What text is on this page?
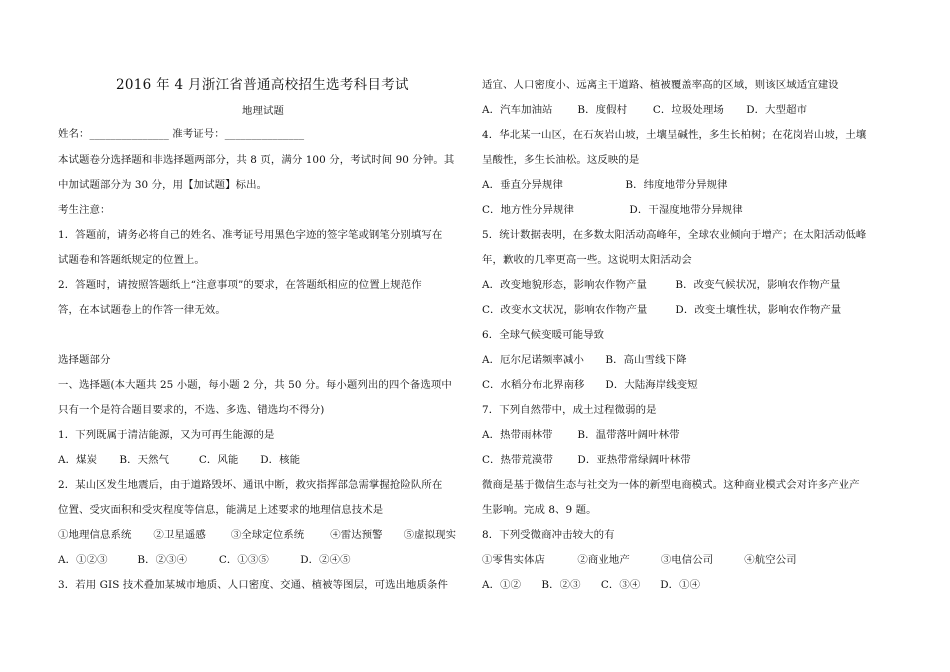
2016 年 4 月浙江省普通高校招生选考科目考试
地理试题
姓名：_______________ 准考证号：_______________
本试题卷分选择题和非选择题两部分，共 8 页，满分 100 分，考试时间 90 分钟。其
中加试题部分为 30 分，用【加试题】标出。
考生注意：
1．答题前，请务必将自己的姓名、准考证号用黑色字迹的签字笔或钢笔分别填写在
试题卷和答题纸规定的位置上。
2．答题时，请按照答题纸上“注意事项”的要求，在答题纸相应的位置上规范作
答，在本试题卷上的作答一律无效。
选择题部分
一、选择题(本大题共 25 小题，每小题 2 分，共 50 分。每小题列出的四个备选项中
只有一个是符合题目要求的，不选、多选、错选均不得分)
1．下列既属于清洁能源，又为可再生能源的是
A．煤炭 B．天然气	C．风能 D．核能
2．某山区发生地震后，由于道路毁坏、通讯中断，救灾指挥部急需掌握抢险队所在
位置、受灾面积和受灾程度等信息，能满足上述要求的地理信息技术是
①地理信息系统 ②卫星遥感 ③全球定位系统 ④雷达预警 ⑤虚拟现实
A．①②③	B．②③④	C．①③⑤	D．②④⑤
3．若用 GIS 技术叠加某城市地质、人口密度、交通、植被等图层，可选出地质条件
适宜、人口密度小、远离主干道路、植被覆盖率高的区域，则该区域适宜建设
A．汽车加油站 B．度假村 C．垃圾处理场 D．大型超市
4．华北某一山区，在石灰岩山坡，土壤呈碱性，多生长柏树；在花岗岩山坡，土壤
呈酸性，多生长油松。这反映的是
A．垂直分异规律	B．纬度地带分异规律
C．地方性分异规律	D．干湿度地带分异规律
5．统计数据表明，在多数太阳活动高峰年，全球农业倾向于增产；在太阳活动低峰
年，歉收的几率更高一些。这说明太阳活动会
A．改变地貌形态，影响农作物产量	B．改变气候状况，影响农作物产量
C．改变水文状况，影响农作物产量	D．改变土壤性状，影响农作物产量
6．全球气候变暖可能导致
A．厄尔尼诺频率减小 B．高山雪线下降
C．水稻分布北界南移 D．大陆海岸线变短
7．下列自然带中，成土过程微弱的是
A．热带雨林带 B．温带落叶阔叶林带
C．热带荒漠带 D．亚热带常绿阔叶林带
微商是基于微信生态与社交为一体的新型电商模式。这种商业模式会对许多产业产
生影响。完成 8、9 题。
8．下列受微商冲击较大的有
①零售实体店	②商业地产	③电信公司	④航空公司
A．①② B．②③ C．③④ D．①④
